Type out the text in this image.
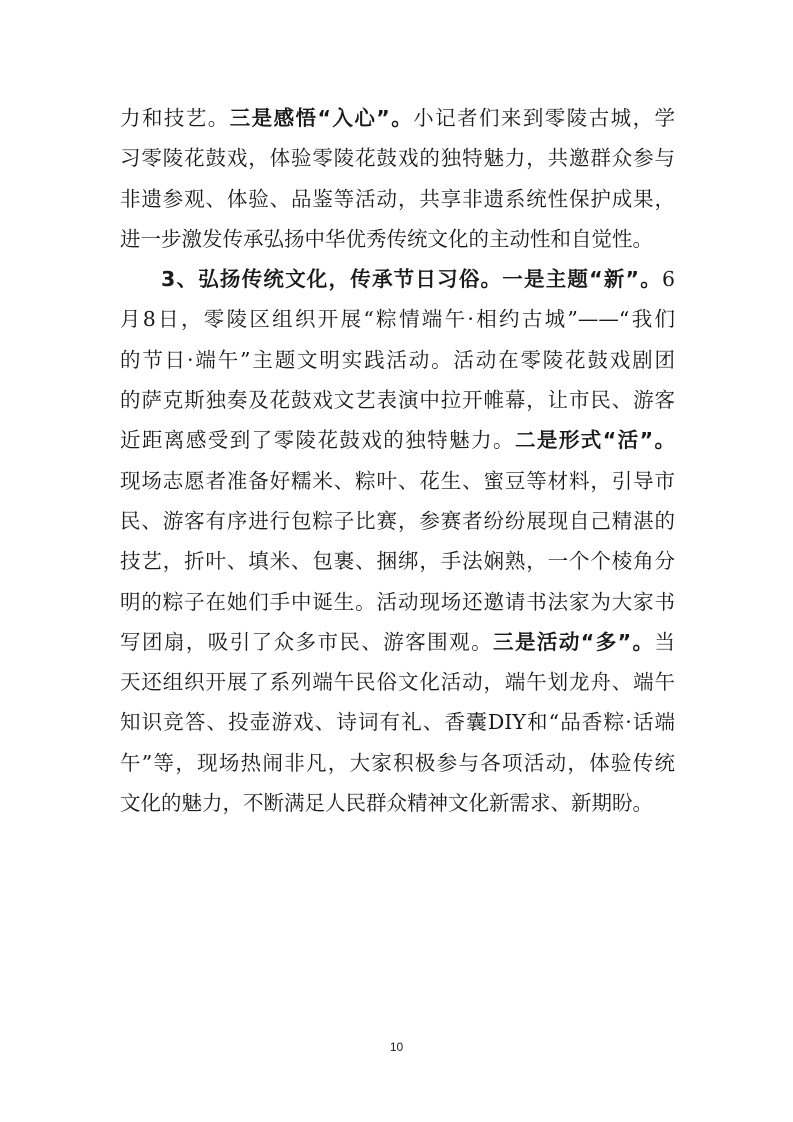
力和技艺。三是感悟“入心”。小记者们来到零陵古城，学
习零陵花鼓戏，体验零陵花鼓戏的独特魅力，共邀群众参与
非遗参观、体验、品鉴等活动，共享非遗系统性保护成果，
进一步激发传承弘扬中华优秀传统文化的主动性和自觉性。
3、弘扬传统文化，传承节日习俗。一是主题“新”。6
月8日，零陵区组织开展“粽情端午·相约古城”——“我们
的节日·端午”主题文明实践活动。活动在零陵花鼓戏剧团
的萨克斯独奏及花鼓戏文艺表演中拉开帷幕，让市民、游客
近距离感受到了零陵花鼓戏的独特魅力。二是形式“活”。
现场志愿者准备好糯米、粽叶、花生、蜜豆等材料，引导市
民、游客有序进行包粽子比赛，参赛者纷纷展现自己精湛的
技艺，折叶、填米、包裹、捆绑，手法娴熟，一个个棱角分
明的粽子在她们手中诞生。活动现场还邀请书法家为大家书
写团扇，吸引了众多市民、游客围观。三是活动“多”。当
天还组织开展了系列端午民俗文化活动，端午划龙舟、端午
知识竞答、投壶游戏、诗词有礼、香囊DIY和“品香粽·话端
午”等，现场热闹非凡，大家积极参与各项活动，体验传统
文化的魅力，不断满足人民群众精神文化新需求、新期盼。
10
